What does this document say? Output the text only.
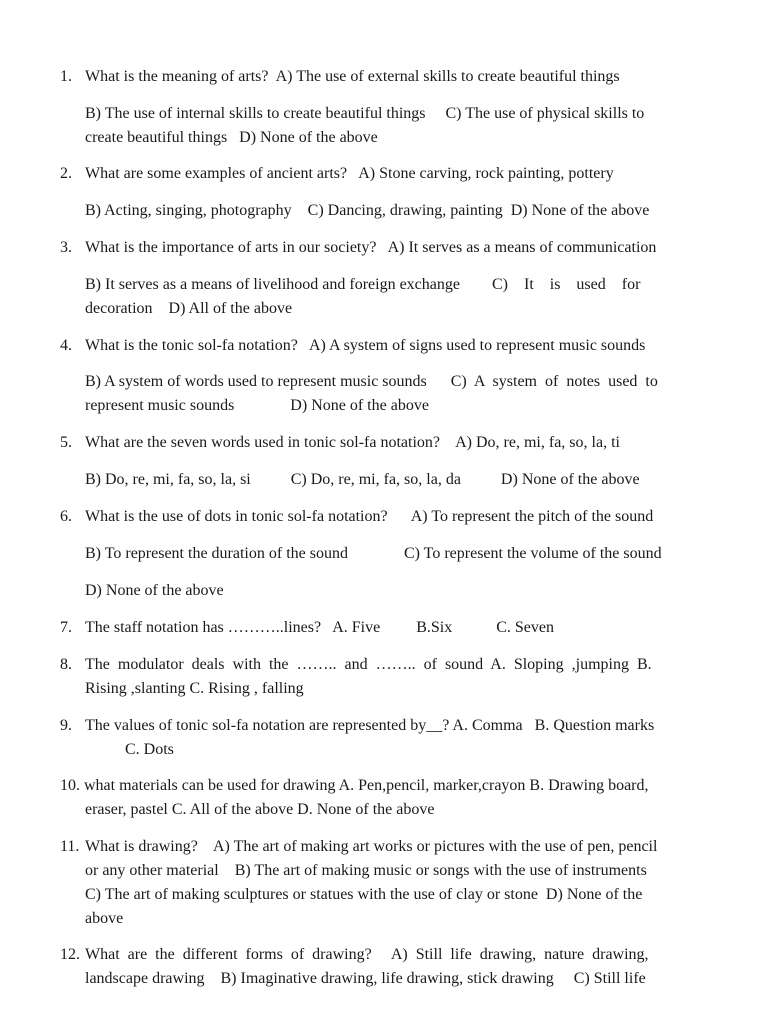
1. What is the meaning of arts?  A) The use of external skills to create beautiful things
B) The use of internal skills to create beautiful things     C) The use of physical skills to
create beautiful things   D) None of the above
2. What are some examples of ancient arts?   A) Stone carving, rock painting, pottery
B) Acting, singing, photography    C) Dancing, drawing, painting  D) None of the above
3. What is the importance of arts in our society?   A) It serves as a means of communication
B) It serves as a means of livelihood and foreign exchange        C)    It    is    used    for
decoration    D) All of the above
4. What is the tonic sol-fa notation?   A) A system of signs used to represent music sounds
B) A system of words used to represent music sounds      C)  A  system  of  notes  used  to
represent music sounds              D) None of the above
5. What are the seven words used in tonic sol-fa notation?    A) Do, re, mi, fa, so, la, ti
B) Do, re, mi, fa, so, la, si          C) Do, re, mi, fa, so, la, da          D) None of the above
6. What is the use of dots in tonic sol-fa notation?      A) To represent the pitch of the sound
B) To represent the duration of the sound              C) To represent the volume of the sound
D) None of the above
7. The staff notation has ………..lines?   A. Five         B.Six           C. Seven
8. The  modulator  deals  with  the  ……..  and  ……..  of  sound  A.  Sloping  ,jumping  B.
Rising ,slanting C. Rising , falling
9. The values of tonic sol-fa notation are represented by__? A. Comma   B. Question marks
C. Dots
10. what materials can be used for drawing A. Pen,pencil, marker,crayon B. Drawing board,
eraser, pastel C. All of the above D. None of the above
11. What is drawing?    A) The art of making art works or pictures with the use of pen, pencil
or any other material    B) The art of making music or songs with the use of instruments
C) The art of making sculptures or statues with the use of clay or stone  D) None of the
above
12. What  are  the  different  forms  of  drawing?     A)  Still  life  drawing,  nature  drawing,
landscape drawing    B) Imaginative drawing, life drawing, stick drawing     C) Still life
